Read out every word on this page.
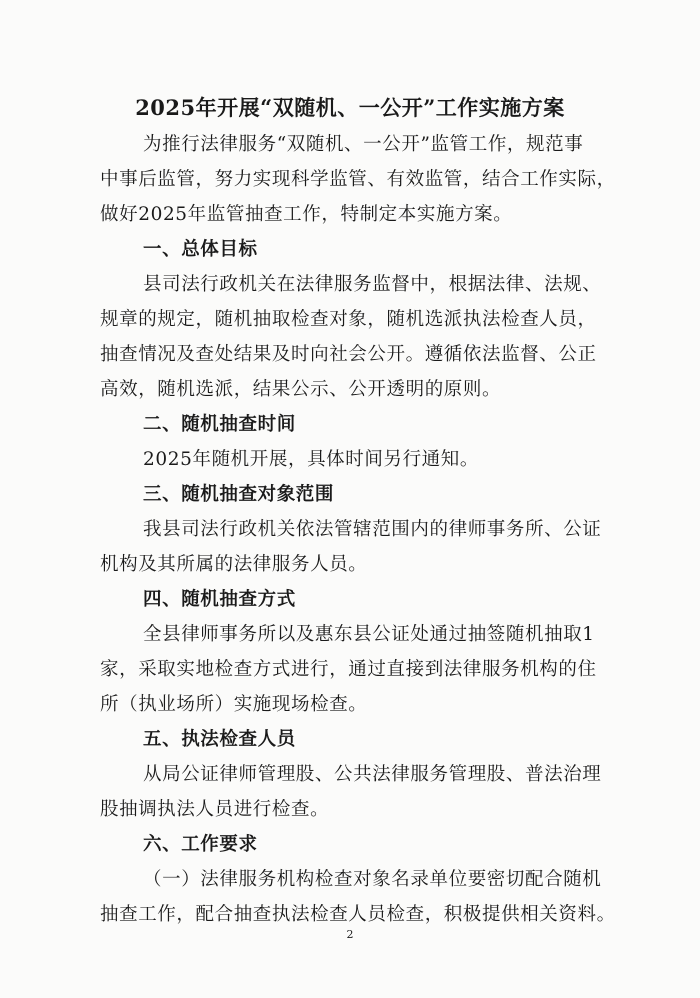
2025年开展“双随机、一公开”工作实施方案
为推行法律服务“双随机、一公开”监管工作，规范事
中事后监管，努力实现科学监管、有效监管，结合工作实际，
做好2025年监管抽查工作，特制定本实施方案。
一、总体目标
县司法行政机关在法律服务监督中，根据法律、法规、
规章的规定，随机抽取检查对象，随机选派执法检查人员，
抽查情况及查处结果及时向社会公开。遵循依法监督、公正
高效，随机选派，结果公示、公开透明的原则。
二、随机抽查时间
2025年随机开展，具体时间另行通知。
三、随机抽查对象范围
我县司法行政机关依法管辖范围内的律师事务所、公证
机构及其所属的法律服务人员。
四、随机抽查方式
全县律师事务所以及惠东县公证处通过抽签随机抽取1
家，采取实地检查方式进行，通过直接到法律服务机构的住
所（执业场所）实施现场检查。
五、执法检查人员
从局公证律师管理股、公共法律服务管理股、普法治理
股抽调执法人员进行检查。
六、工作要求
（一）法律服务机构检查对象名录单位要密切配合随机
抽查工作，配合抽查执法检查人员检查，积极提供相关资料。
2
